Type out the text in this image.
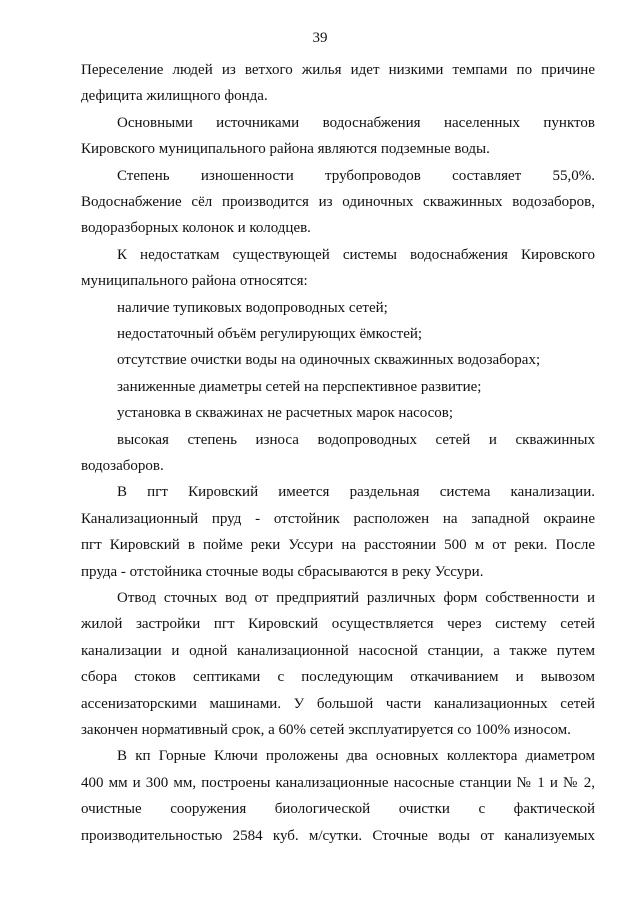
39
Переселение людей из ветхого жилья идет низкими темпами по причине
дефицита жилищного фонда.
Основными источниками водоснабжения населенных пунктов
Кировского муниципального района являются подземные воды.
Степень изношенности трубопроводов составляет 55,0%.
Водоснабжение сёл производится из одиночных скважинных водозаборов,
водоразборных колонок и колодцев.
К недостаткам существующей системы водоснабжения Кировского
муниципального района относятся:
наличие тупиковых водопроводных сетей;
недостаточный объём регулирующих ёмкостей;
отсутствие очистки воды на одиночных скважинных водозаборах;
заниженные диаметры сетей на перспективное развитие;
установка в скважинах не расчетных марок насосов;
высокая степень износа водопроводных сетей и скважинных
водозаборов.
В пгт Кировский имеется раздельная система канализации.
Канализационный пруд - отстойник расположен на западной окраине
пгт Кировский в пойме реки Уссури на расстоянии 500 м от реки. После
пруда - отстойника сточные воды сбрасываются в реку Уссури.
Отвод сточных вод от предприятий различных форм собственности и
жилой застройки пгт Кировский осуществляется через систему сетей
канализации и одной канализационной насосной станции, а также путем
сбора стоков септиками с последующим откачиванием и вывозом
ассенизаторскими машинами. У большой части канализационных сетей
закончен нормативный срок, а 60% сетей эксплуатируется со 100% износом.
В кп Горные Ключи проложены два основных коллектора диаметром
400 мм и 300 мм, построены канализационные насосные станции № 1 и № 2,
очистные сооружения биологической очистки с фактической
производительностью 2584 куб. м/сутки. Сточные воды от канализуемых
